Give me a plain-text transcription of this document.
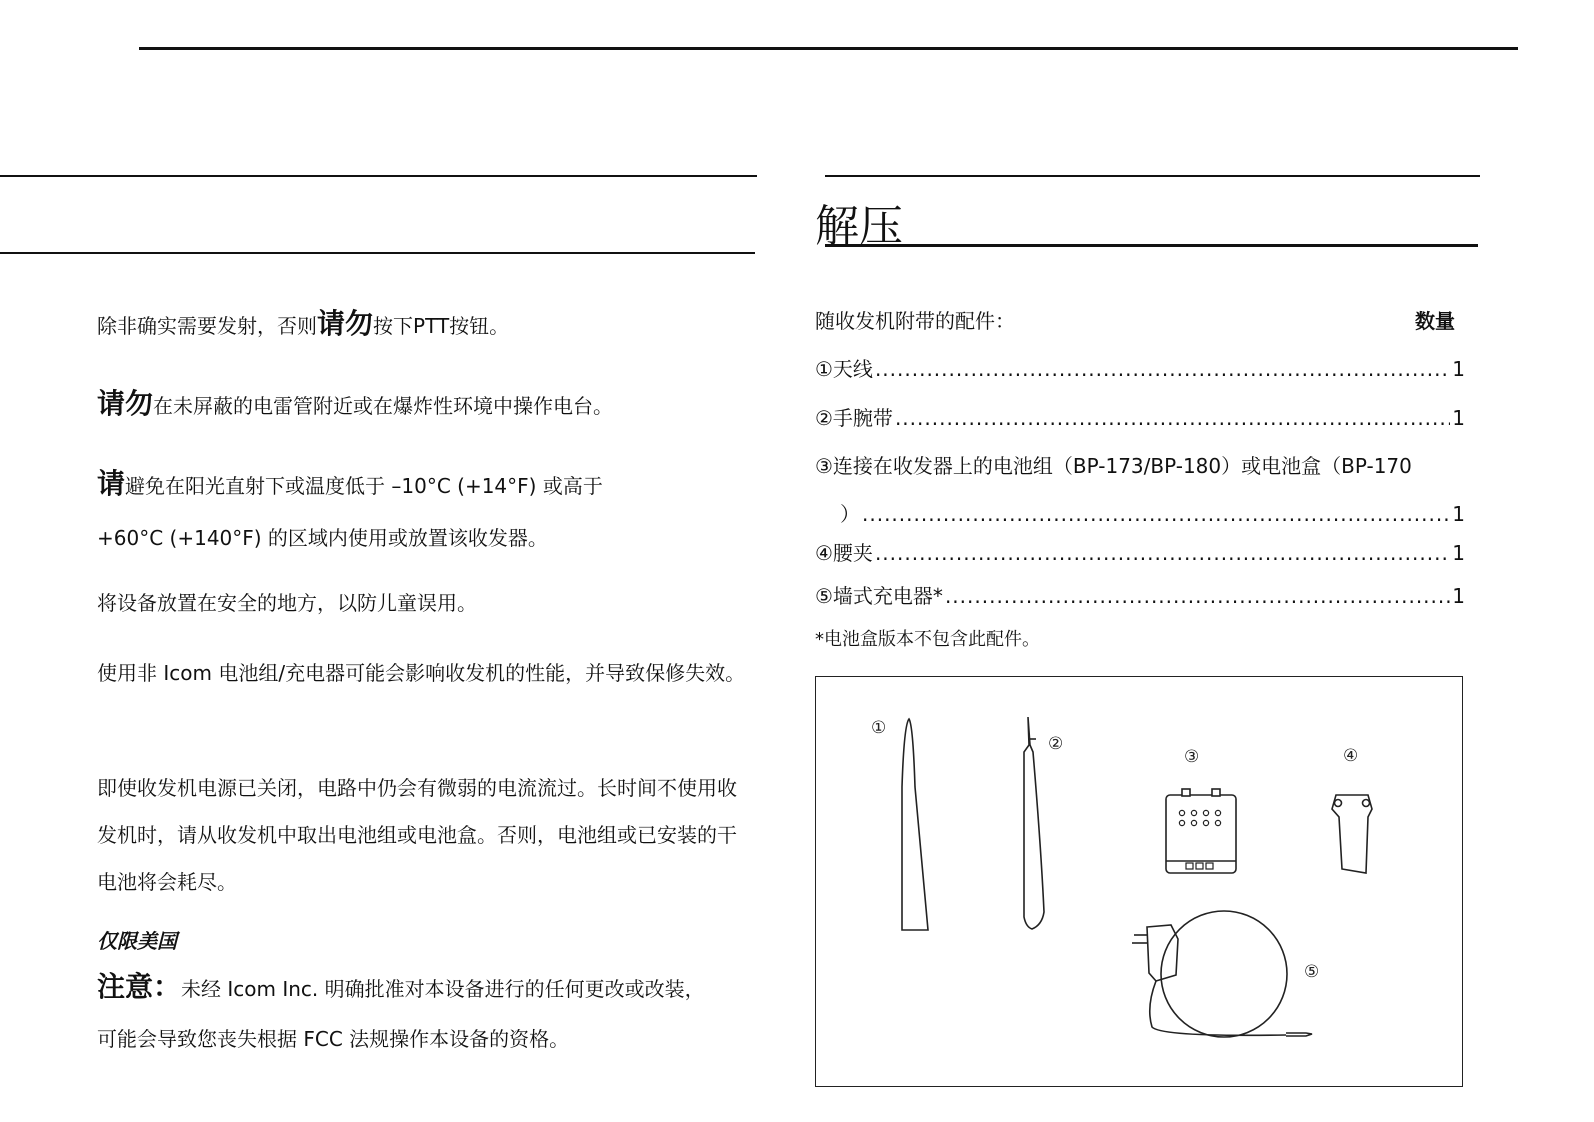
除非确实需要发射，否则请勿按下PTT按钮。

请勿在未屏蔽的电雷管附近或在爆炸性环境中操作电台。

请避免在阳光直射下或温度低于 –10°C (+14°F) 或高于
+60°C (+140°F) 的区域内使用或放置该收发器。

将设备放置在安全的地方，以防儿童误用。

使用非 Icom 电池组/充电器可能会影响收发机的性能，并导致保修失效。

即使收发机电源已关闭，电路中仍会有微弱的电流流过。长时间不使用收发机时，请从收发机中取出电池组或电池盒。否则，电池组或已安装的干电池将会耗尽。

仅限美国

注意：未经 Icom Inc. 明确批准对本设备进行的任何更改或改装，
可能会导致您丧失根据 FCC 法规操作本设备的资格。

解压
随收发机附带的配件：	数量
①天线 .....	1
②手腕带 .....	1
③连接在收发器上的电池组（BP-173/BP-180）或电池盒（BP-170
） .....	1
④腰夹 .....	1
⑤墙式充电器* .....	1
*电池盒版本不包含此配件。
①
②
③	④
⑤
